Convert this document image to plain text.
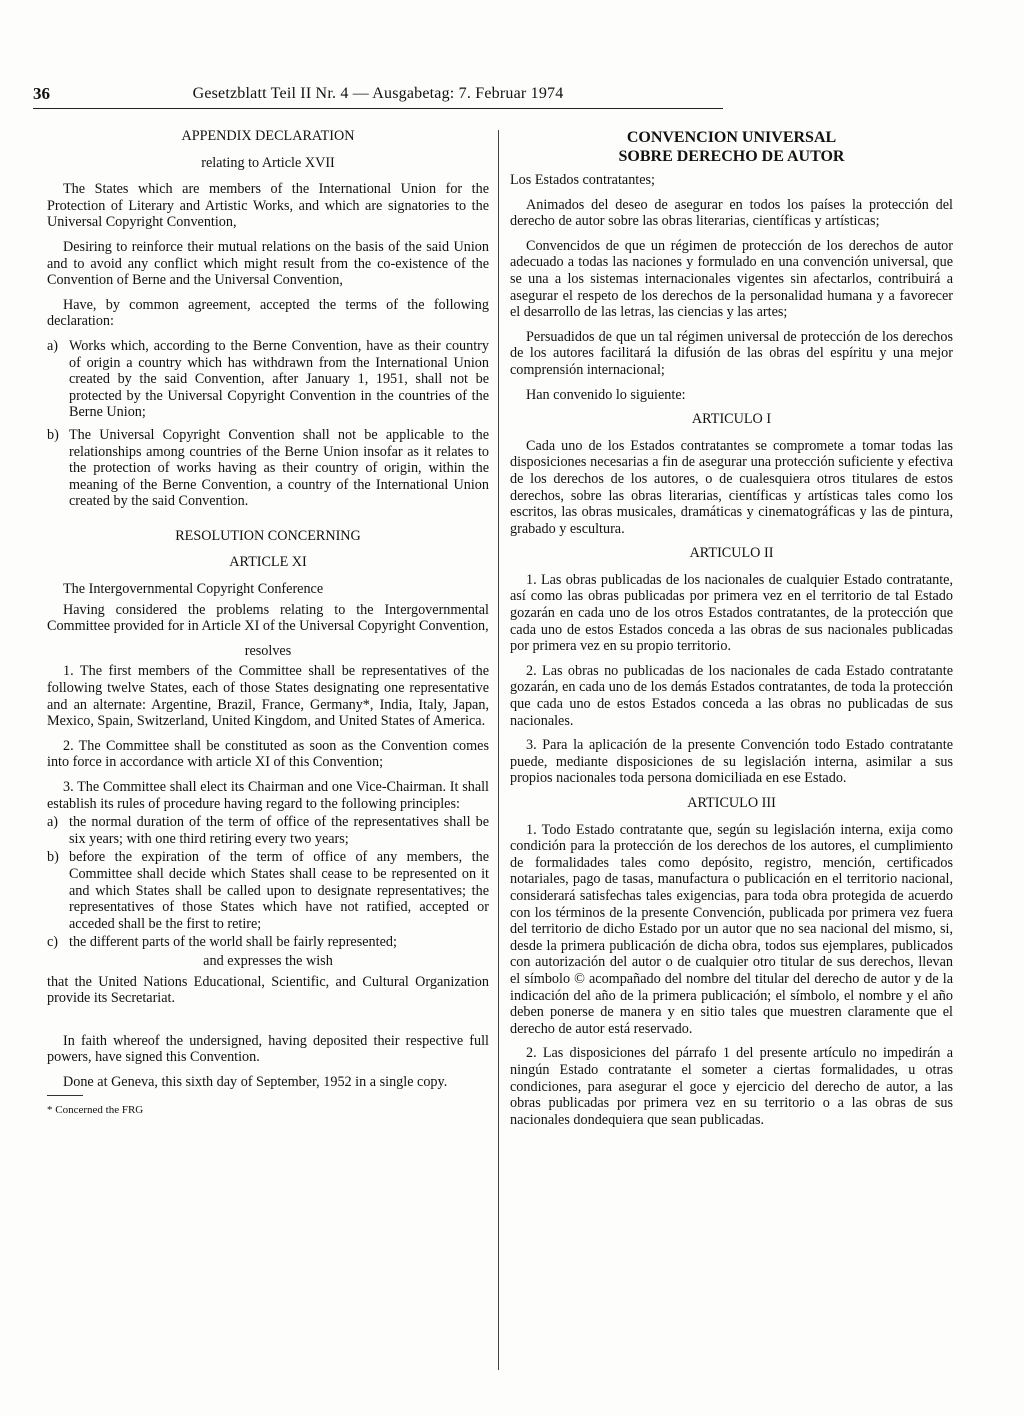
36	Gesetzblatt Teil II Nr. 4 — Ausgabetag: 7. Februar 1974
APPENDIX DECLARATION
relating to Article XVII

The States which are members of the International Union for the Protection of Literary and Artistic Works, and which are signatories to the Universal Copyright Convention,

Desiring to reinforce their mutual relations on the basis of the said Union and to avoid any conflict which might result from the co-existence of the Convention of Berne and the Universal Convention,

Have, by common agreement, accepted the terms of the following declaration:

a) Works which, according to the Berne Convention, have as their country of origin a country which has withdrawn from the International Union created by the said Convention, after January 1, 1951, shall not be protected by the Universal Copyright Convention in the countries of the Berne Union;
b) The Universal Copyright Convention shall not be applicable to the relationships among countries of the Berne Union insofar as it relates to the protection of works having as their country of origin, within the meaning of the Berne Convention, a country of the International Union created by the said Convention.
RESOLUTION CONCERNING
ARTICLE XI

The Intergovernmental Copyright Conference

Having considered the problems relating to the Intergovernmental Committee provided for in Article XI of the Universal Copyright Convention,

resolves

1. The first members of the Committee shall be representatives of the following twelve States, each of those States designating one representative and an alternate: Argentine, Brazil, France, Germany*, India, Italy, Japan, Mexico, Spain, Switzerland, United Kingdom, and United States of America.

2. The Committee shall be constituted as soon as the Convention comes into force in accordance with article XI of this Convention;

3. The Committee shall elect its Chairman and one Vice-Chairman. It shall establish its rules of procedure having regard to the following principles:

a) the normal duration of the term of office of the representatives shall be six years; with one third retiring every two years;
b) before the expiration of the term of office of any members, the Committee shall decide which States shall cease to be represented on it and which States shall be called upon to designate representatives; the representatives of those States which have not ratified, accepted or acceded shall be the first to retire;
c) the different parts of the world shall be fairly represented;
and expresses the wish

that the United Nations Educational, Scientific, and Cultural Organization provide its Secretariat.

In faith whereof the undersigned, having deposited their respective full powers, have signed this Convention.

Done at Geneva, this sixth day of September, 1952 in a single copy.

* Concerned the FRG
CONVENCION UNIVERSAL
SOBRE DERECHO DE AUTOR

Los Estados contratantes;

Animados del deseo de asegurar en todos los países la protección del derecho de autor sobre las obras literarias, científicas y artísticas;

Convencidos de que un régimen de protección de los derechos de autor adecuado a todas las naciones y formulado en una convención universal, que se una a los sistemas internacionales vigentes sin afectarlos, contribuirá a asegurar el respeto de los derechos de la personalidad humana y a favorecer el desarrollo de las letras, las ciencias y las artes;

Persuadidos de que un tal régimen universal de protección de los derechos de los autores facilitará la difusión de las obras del espíritu y una mejor comprensión internacional;

Han convenido lo siguiente:

ARTICULO I

Cada uno de los Estados contratantes se compromete a tomar todas las disposiciones necesarias a fin de asegurar una protección suficiente y efectiva de los derechos de los autores, o de cualesquiera otros titulares de estos derechos, sobre las obras literarias, científicas y artísticas tales como los escritos, las obras musicales, dramáticas y cinematográficas y las de pintura, grabado y escultura.

ARTICULO II

1. Las obras publicadas de los nacionales de cualquier Estado contratante, así como las obras publicadas por primera vez en el territorio de tal Estado gozarán en cada uno de los otros Estados contratantes, de la protección que cada uno de estos Estados conceda a las obras de sus nacionales publicadas por primera vez en su propio territorio.

2. Las obras no publicadas de los nacionales de cada Estado contratante gozarán, en cada uno de los demás Estados contratantes, de toda la protección que cada uno de estos Estados conceda a las obras no publicadas de sus nacionales.

3. Para la aplicación de la presente Convención todo Estado contratante puede, mediante disposiciones de su legislación interna, asimilar a sus propios nacionales toda persona domiciliada en ese Estado.

ARTICULO III

1. Todo Estado contratante que, según su legislación interna, exija como condición para la protección de los derechos de los autores, el cumplimiento de formalidades tales como depósito, registro, mención, certificados notariales, pago de tasas, manufactura o publicación en el territorio nacional, considerará satisfechas tales exigencias, para toda obra protegida de acuerdo con los términos de la presente Convención, publicada por primera vez fuera del territorio de dicho Estado por un autor que no sea nacional del mismo, si, desde la primera publicación de dicha obra, todos sus ejemplares, publicados con autorización del autor o de cualquier otro titular de sus derechos, llevan el símbolo © acompañado del nombre del titular del derecho de autor y de la indicación del año de la primera publicación; el símbolo, el nombre y el año deben ponerse de manera y en sitio tales que muestren claramente que el derecho de autor está reservado.

2. Las disposiciones del párrafo 1 del presente artículo no impedirán a ningún Estado contratante el someter a ciertas formalidades, u otras condiciones, para asegurar el goce y ejercicio del derecho de autor, a las obras publicadas por primera vez en su territorio o a las obras de sus nacionales dondequiera que sean publicadas.
